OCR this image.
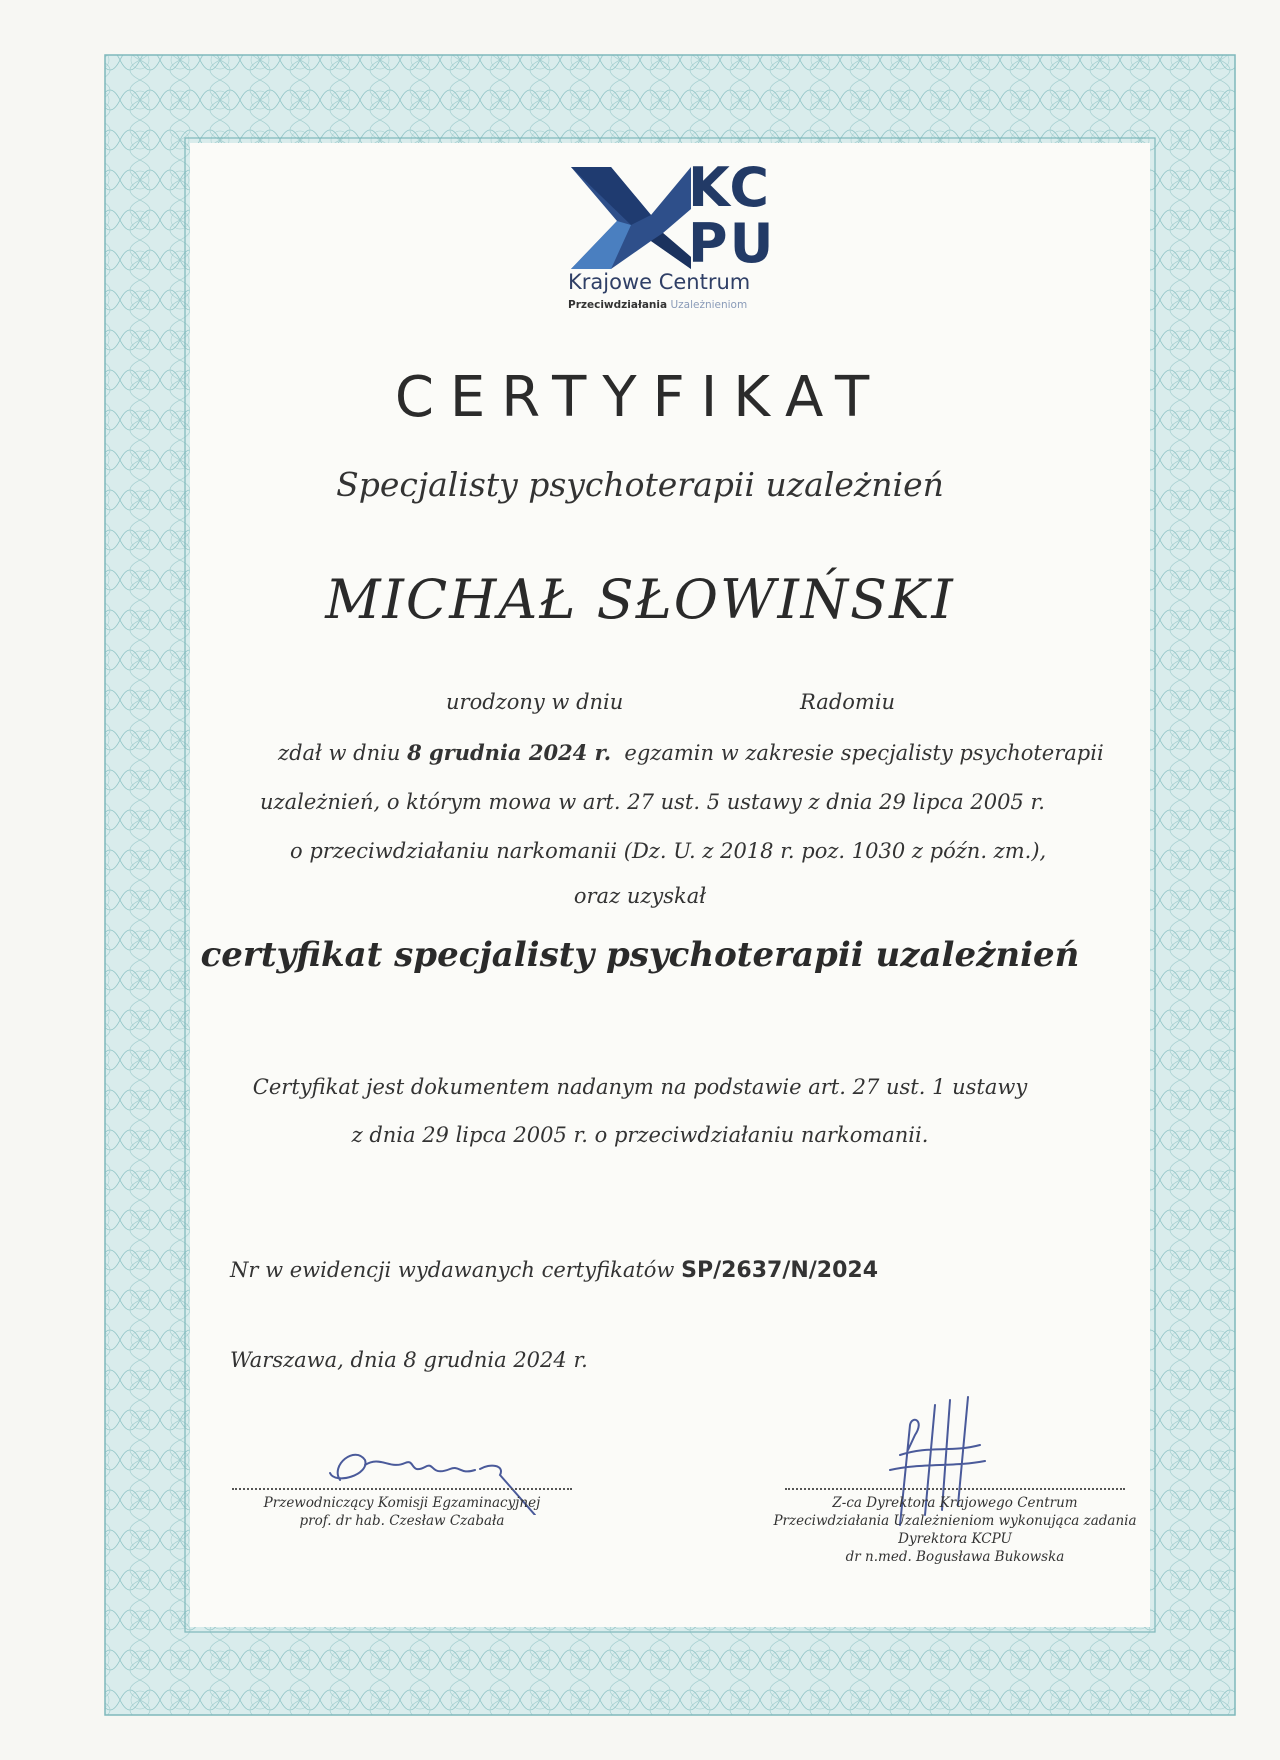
KC
PU
Krajowe Centrum
Przeciwdziałania Uzależnieniom
CERTYFIKAT
Specjalisty psychoterapii uzależnień
MICHAŁ SŁOWIŃSKI
urodzony w dniu	Radomiu
zdał w dniu 8 grudnia 2024 r. egzamin w zakresie specjalisty psychoterapii
uzależnień, o którym mowa w art. 27 ust. 5 ustawy z dnia 29 lipca 2005 r.
o przeciwdziałaniu narkomanii (Dz. U. z 2018 r. poz. 1030 z późn. zm.),
oraz uzyskał
certyfikat specjalisty psychoterapii uzależnień
Certyfikat jest dokumentem nadanym na podstawie art. 27 ust. 1 ustawy
z dnia 29 lipca 2005 r. o przeciwdziałaniu narkomanii.
Nr w ewidencji wydawanych certyfikatów SP/2637/N/2024
Warszawa, dnia 8 grudnia 2024 r.
Przewodniczący Komisji Egzaminacyjnej
prof. dr hab. Czesław Czabała
Z-ca Dyrektora Krajowego Centrum
Przeciwdziałania Uzależnieniom wykonująca zadania
Dyrektora KCPU
dr n.med. Bogusława Bukowska
